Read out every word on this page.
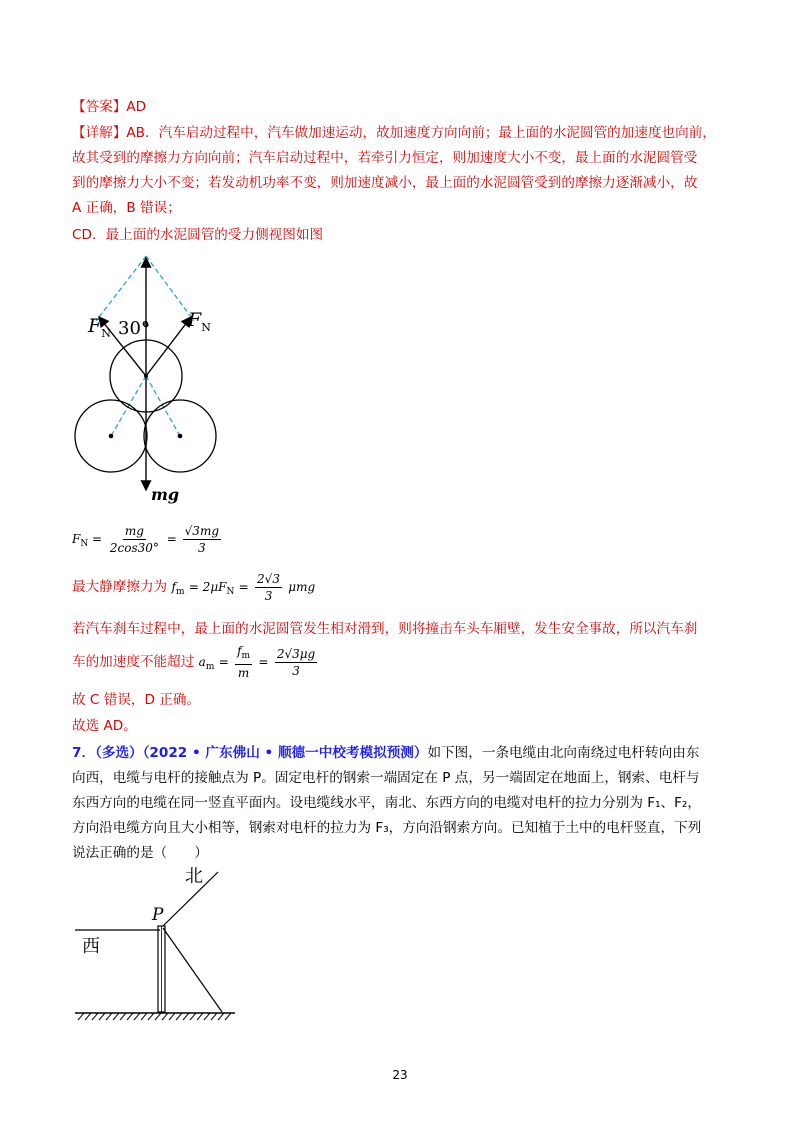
【答案】AD
【详解】AB．汽车启动过程中，汽车做加速运动，故加速度方向向前；最上面的水泥圆管的加速度也向前，
故其受到的摩擦力方向向前；汽车启动过程中，若牵引力恒定，则加速度大小不变，最上面的水泥圆管受
到的摩擦力大小不变；若发动机功率不变，则加速度减小，最上面的水泥圆管受到的摩擦力逐渐减小，故
A 正确，B 错误；
CD．最上面的水泥圆管的受力侧视图如图
$F_N$ 30° $F_N$
mg
$F_N = \frac{mg}{2\cos 30^\circ} = \frac{√3mg}{3}$
最大静摩擦力为 $f_m = 2\mu F_N = \frac{2√3}{3}$ μmg
若汽车刹车过程中，最上面的水泥圆管发生相对滑到，则将撞击车头车厢壁，发生安全事故，所以汽车刹
车的加速度不能超过 $a_m = \frac{f_m}{m} = \frac{2√3\mu g}{3}$
故 C 错误，D 正确。
故选 AD。
7．（多选）（2022 • 广东佛山 • 顺德一中校考模拟预测）如下图，一条电缆由北向南绕过电杆转向由东
向西，电缆与电杆的接触点为 P。固定电杆的钢索一端固定在 P 点，另一端固定在地面上，钢索、电杆与
东西方向的电缆在同一竖直平面内。设电缆线水平，南北、东西方向的电缆对电杆的拉力分别为 F₁、F₂，
方向沿电缆方向且大小相等，钢索对电杆的拉力为 F₃，方向沿钢索方向。已知植于土中的电杆竖直，下列
说法正确的是（　　）
北
西
P
23
